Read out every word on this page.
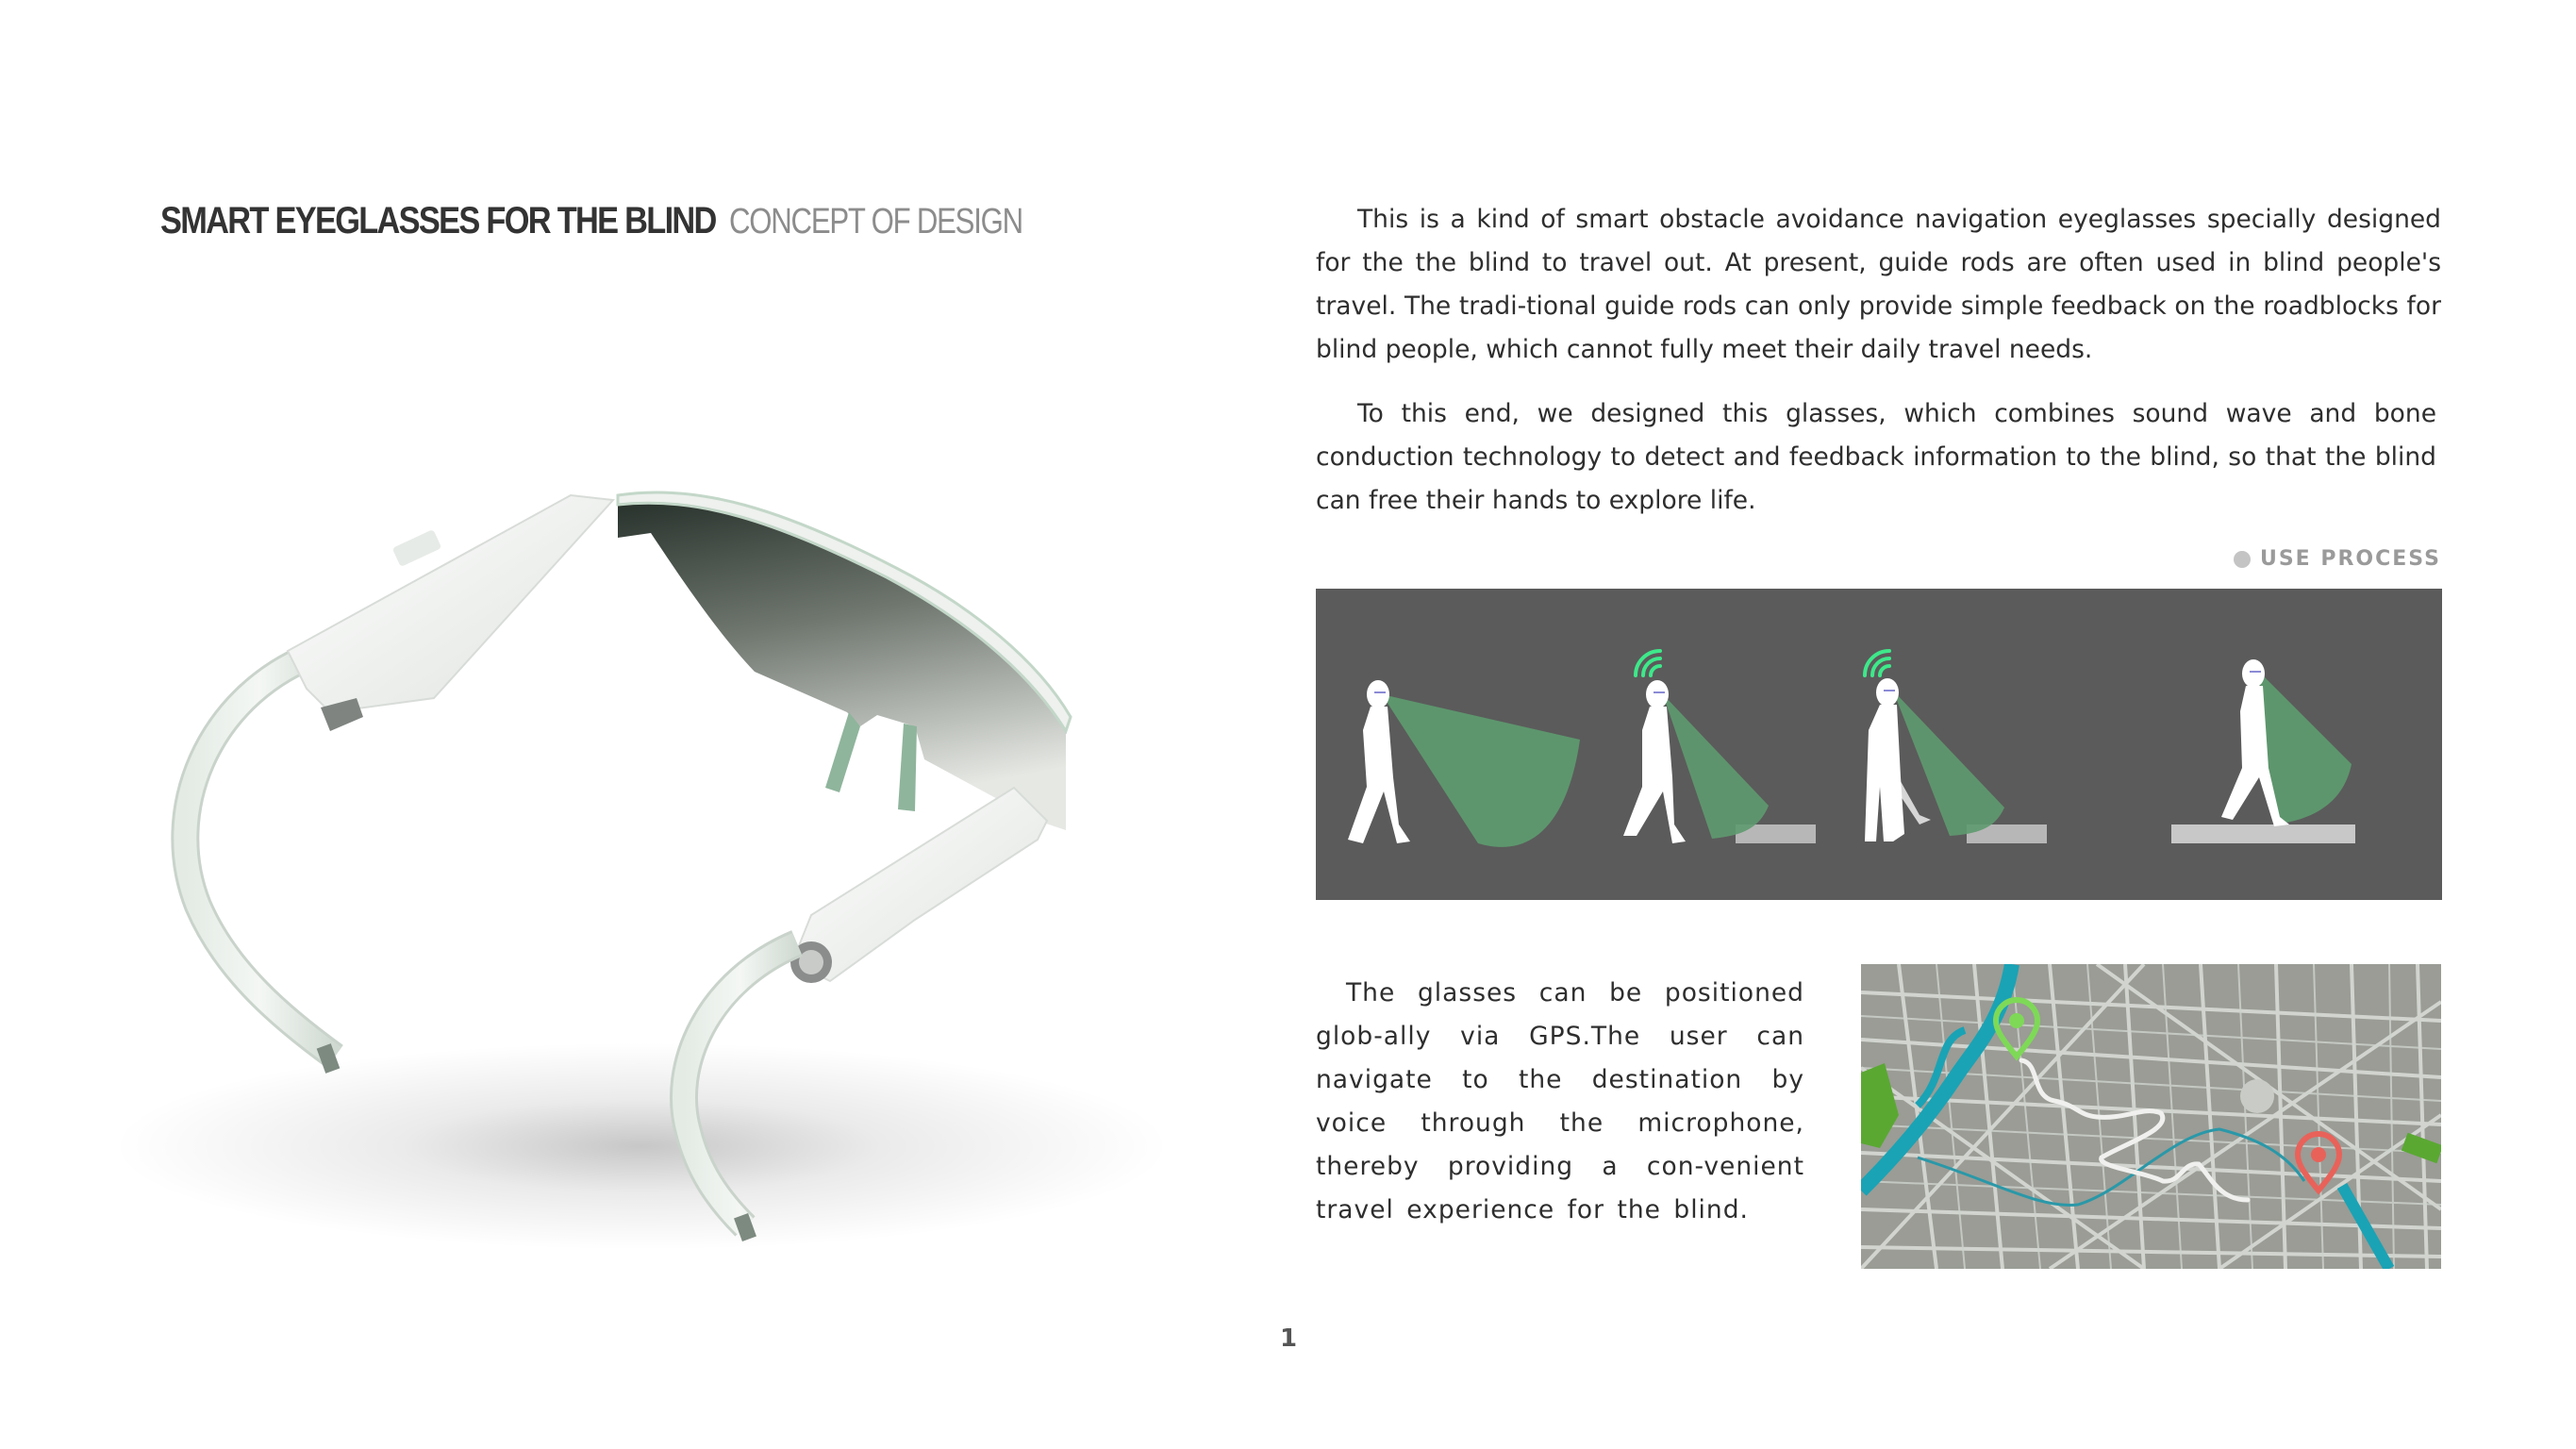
SMART EYEGLASSES FOR THE BLIND CONCEPT OF DESIGN	This is a kind of smart obstacle avoidance navigation eyeglasses specially designed for the the blind to travel out. At present, guide rods are often used in blind people's travel. The tradi-tional guide rods can only provide simple feedback on the roadblocks for blind people, which cannot fully meet their daily travel needs.

To this end, we designed this glasses, which combines sound wave and bone conduction technology to detect and feedback information to the blind, so that the blind can free their hands to explore life.

USE PROCESS

The glasses can be positioned glob-ally via GPS.The user can navigate to the destination by voice through the microphone, thereby providing a con-venient travel experience for the blind.

1
